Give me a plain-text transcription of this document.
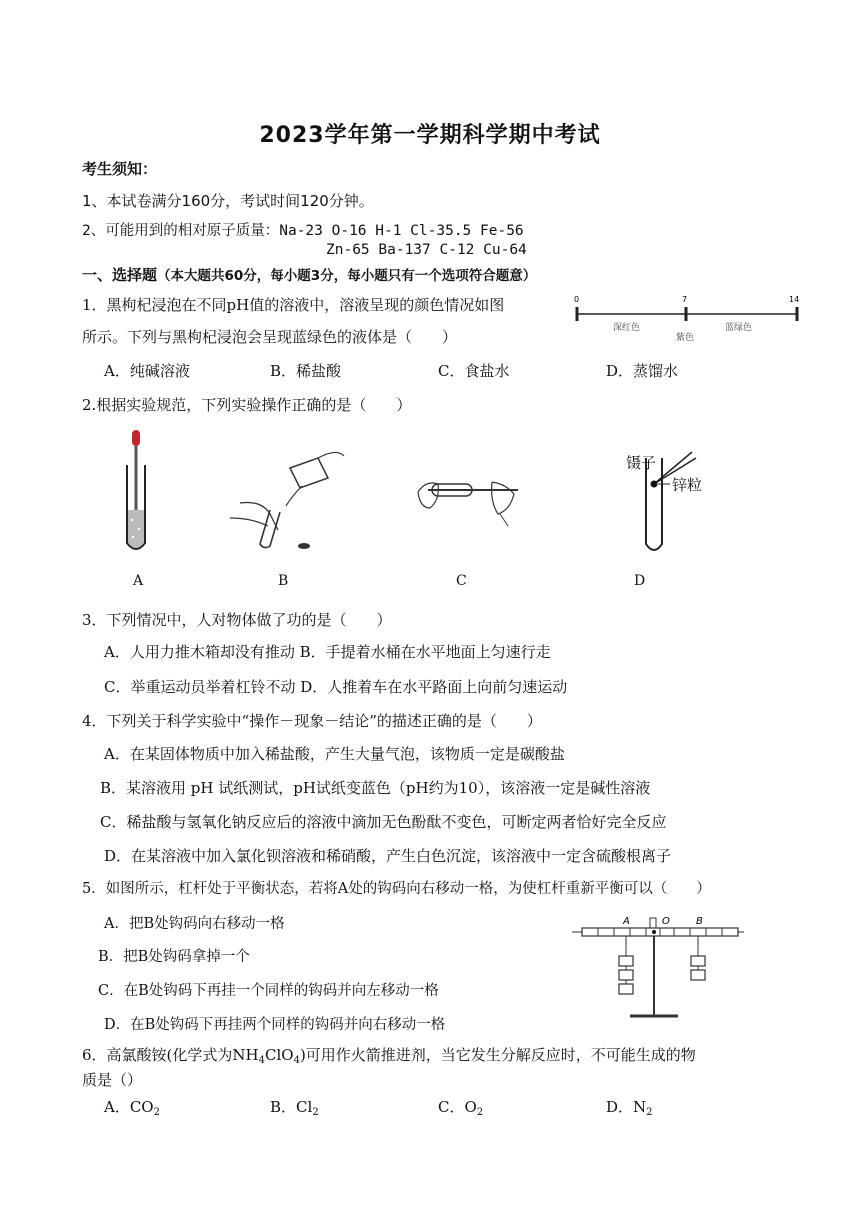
2023学年第一学期科学期中考试
考生须知：
1、本试卷满分160分，考试时间120分钟。
2、可能用到的相对原子质量：Na-23 O-16 H-1 Cl-35.5 Fe-56
Zn-65 Ba-137 C-12 Cu-64
一、选择题（本大题共60分，每小题3分，每小题只有一个选项符合题意）
1．黑枸杞浸泡在不同pH值的溶液中，溶液呈现的颜色情况如图
所示。下列与黑枸杞浸泡会呈现蓝绿色的液体是（　　）
A．纯碱溶液	B．稀盐酸	C．食盐水	D．蒸馏水
0	7	14
深红色
紫色
蓝绿色
2.根据实验规范，下列实验操作正确的是（　　）
镊子
锌粒
A	B	C	D
3．下列情况中，人对物体做了功的是（　　）
A．人用力推木箱却没有推动 B．手提着水桶在水平地面上匀速行走
C．举重运动员举着杠铃不动 D．人推着车在水平路面上向前匀速运动
4．下列关于科学实验中“操作－现象－结论”的描述正确的是（　　）
A．在某固体物质中加入稀盐酸，产生大量气泡，该物质一定是碳酸盐
B．某溶液用 pH 试纸测试，pH试纸变蓝色（pH约为10），该溶液一定是碱性溶液
C．稀盐酸与氢氧化钠反应后的溶液中滴加无色酚酞不变色，可断定两者恰好完全反应
D．在某溶液中加入氯化钡溶液和稀硝酸，产生白色沉淀，该溶液中一定含硫酸根离子
5．如图所示，杠杆处于平衡状态，若将A处的钩码向右移动一格，为使杠杆重新平衡可以（　　）
A．把B处钩码向右移动一格
B．把B处钩码拿掉一个
C．在B处钩码下再挂一个同样的钩码并向左移动一格
D．在B处钩码下再挂两个同样的钩码并向右移动一格
A	O	B
6．高氯酸铵(化学式为$NH_4ClO_4$)可用作火箭推进剂，当它发生分解反应时，不可能生成的物
质是（）
A．$CO_2$	B．$Cl_2$	C．$O_2$	D．$N_2$
